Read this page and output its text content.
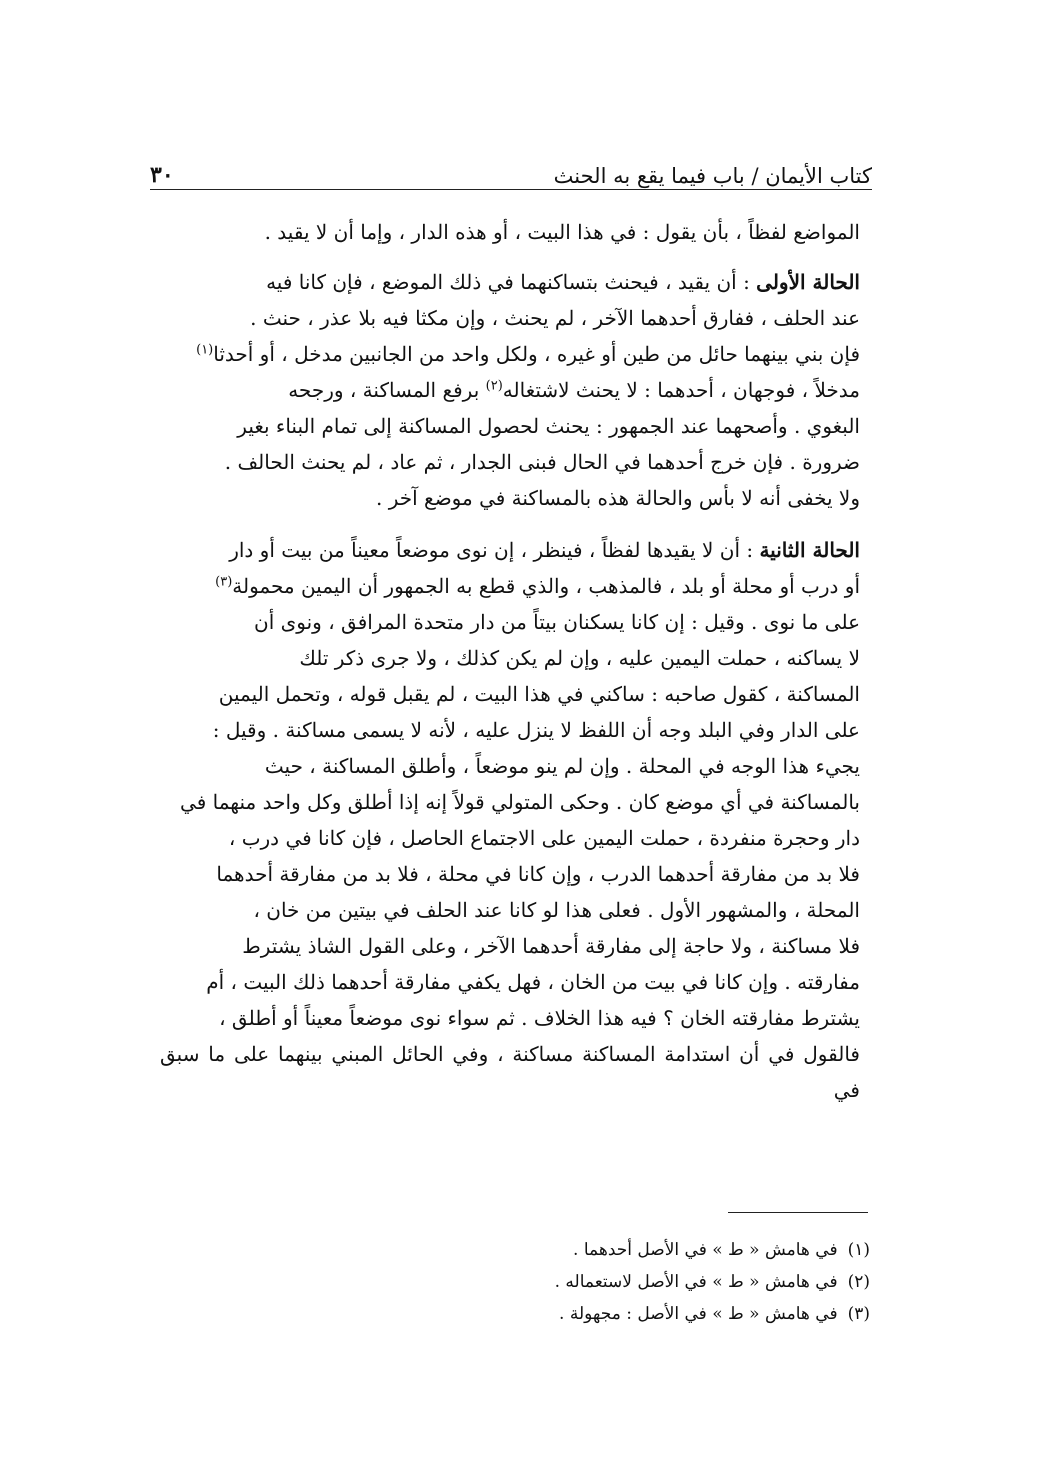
كتاب الأيمان / باب فيما يقع به الحنث
٣٠

المواضع لفظاً ، بأن يقول : في هذا البيت ، أو هذه الدار ، وإما أن لا يقيد .

الحالة الأولى : أن يقيد ، فيحنث بتساكنهما في ذلك الموضع ، فإن كانا فيه
عند الحلف ، ففارق أحدهما الآخر ، لم يحنث ، وإن مكثا فيه بلا عذر ، حنث .
فإن بني بينهما حائل من طين أو غيره ، ولكل واحد من الجانبين مدخل ، أو أحدثا$^{(١)}$
مدخلاً ، فوجهان ، أحدهما : لا يحنث لاشتغاله$^{(٢)}$ برفع المساكنة ، ورجحه
البغوي . وأصحهما عند الجمهور : يحنث لحصول المساكنة إلى تمام البناء بغير
ضرورة . فإن خرج أحدهما في الحال فبنى الجدار ، ثم عاد ، لم يحنث الحالف .
ولا يخفى أنه لا بأس والحالة هذه بالمساكنة في موضع آخر .

الحالة الثانية : أن لا يقيدها لفظاً ، فينظر ، إن نوى موضعاً معيناً من بيت أو دار
أو درب أو محلة أو بلد ، فالمذهب ، والذي قطع به الجمهور أن اليمين محمولة$^{(٣)}$
على ما نوى . وقيل : إن كانا يسكنان بيتاً من دار متحدة المرافق ، ونوى أن
لا يساكنه ، حملت اليمين عليه ، وإن لم يكن كذلك ، ولا جرى ذكر تلك
المساكنة ، كقول صاحبه : ساكني في هذا البيت ، لم يقبل قوله ، وتحمل اليمين
على الدار وفي البلد وجه أن اللفظ لا ينزل عليه ، لأنه لا يسمى مساكنة . وقيل :
يجيء هذا الوجه في المحلة . وإن لم ينو موضعاً ، وأطلق المساكنة ، حيث
بالمساكنة في أي موضع كان . وحكى المتولي قولاً إنه إذا أطلق وكل واحد منهما في
دار وحجرة منفردة ، حملت اليمين على الاجتماع الحاصل ، فإن كانا في درب ،
فلا بد من مفارقة أحدهما الدرب ، وإن كانا في محلة ، فلا بد من مفارقة أحدهما
المحلة ، والمشهور الأول . فعلى هذا لو كانا عند الحلف في بيتين من خان ،
فلا مساكنة ، ولا حاجة إلى مفارقة أحدهما الآخر ، وعلى القول الشاذ يشترط
مفارقته . وإن كانا في بيت من الخان ، فهل يكفي مفارقة أحدهما ذلك البيت ، أم
يشترط مفارقته الخان ؟ فيه هذا الخلاف . ثم سواء نوى موضعاً معيناً أو أطلق ،
فالقول في أن استدامة المساكنة مساكنة ، وفي الحائل المبني بينهما على ما سبق في

(١)في هامش « ط » في الأصل أحدهما .
(٢)في هامش « ط » في الأصل لاستعماله .
(٣)في هامش « ط » في الأصل : مجهولة .
